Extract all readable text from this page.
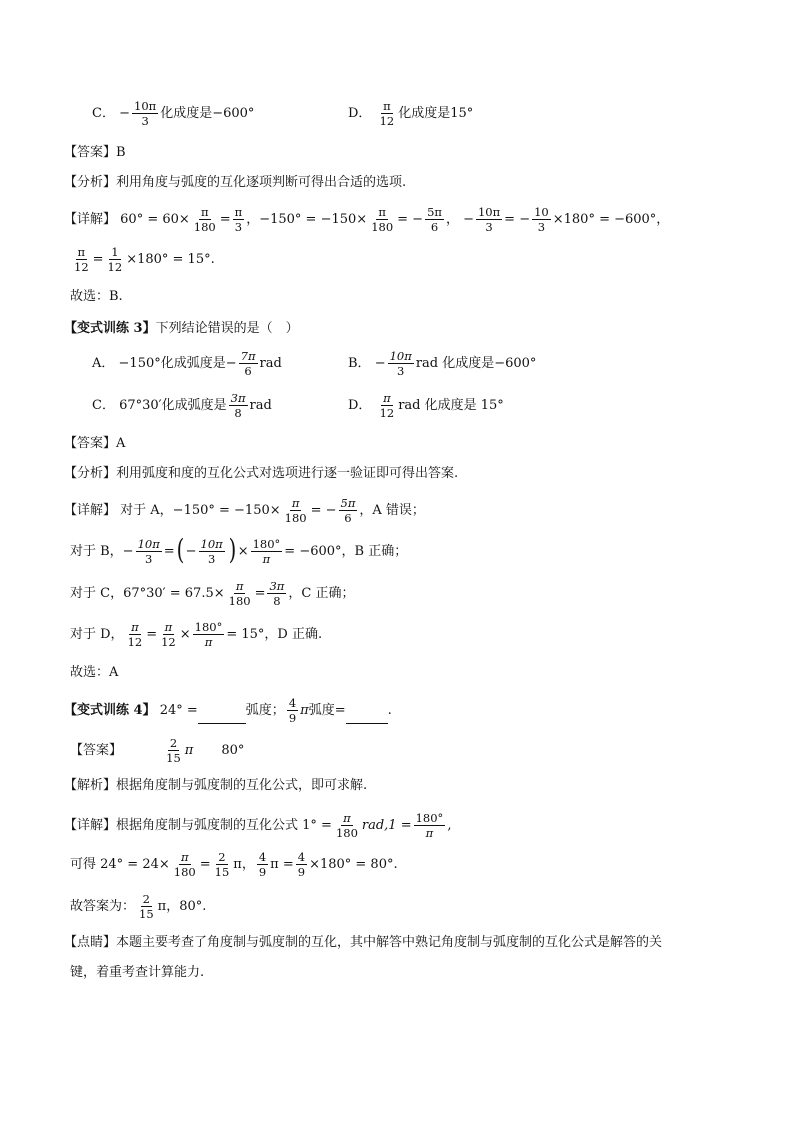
C． − $\frac{10\pi}{3}$ 化成度是−600°	D． $\frac{\pi}{12}$ 化成度是15°
【答案】B
【分析】利用角度与弧度的互化逐项判断可得出合适的选项.
【详解】 $60^\circ = 60\times \frac{\pi}{180} = \frac{\pi}{3}$ ，$-150^\circ = -150\times \frac{\pi}{180}$ = − $\frac{5\pi}{6}$ ， − $\frac{10\pi}{3}$ = − $\frac{10}{3} \times 180^\circ = -600^\circ$，
$\frac{\pi}{12} = \frac{1}{12} \times 180^\circ = 15^\circ$.
故选：B.
【变式训练 3】下列结论错误的是（　）
A． −150°化成弧度是− $\frac{7\pi}{6}$ rad	B． − $\frac{10\pi}{3}$ rad 化成度是−600°
C． 67°30′化成弧度是 $\frac{3\pi}{8}$ rad	D． $\frac{\pi}{12}$ rad 化成度是 15°
【答案】A
【分析】利用弧度和度的互化公式对选项进行逐一验证即可得出答案.
【详解】 对于 A，$-150^\circ = -150\times \frac{\pi}{180}$ = − $\frac{5\pi}{6}$ ，A 错误；
对于 B，− $\frac{10\pi}{3}$ =( − $\frac{10\pi}{3}$ ) × $\frac{180^\circ}{\pi} = -600^\circ$，B 正确；
对于 C，$67^\circ 30' = 67.5\times \frac{\pi}{180} = \frac{3\pi}{8}$ ，C 正确；
对于 D， $\frac{\pi}{12} = \frac{\pi}{12} \times \frac{180^\circ}{\pi} = 15^\circ$，D 正确.
故选：A
【变式训练 4】 24° =	弧度； $\frac{4}{9}$ π弧度=	.
【答案】	$\frac{2}{15}$ π 80°
【解析】根据角度制与弧度制的互化公式，即可求解.
【详解】根据角度制与弧度制的互化公式 $1^\circ = \frac{\pi}{180} rad,1 = \frac{180^\circ}{\pi}$ ,
可得 $24^\circ = 24\times \frac{\pi}{180} = \frac{2}{15}$ π， $\frac{4}{9}$ $\pi = \frac{4}{9} \times 180^\circ = 80^\circ$.
故答案为： $\frac{2}{15}$ π，80°.
【点睛】本题主要考查了角度制与弧度制的互化，其中解答中熟记角度制与弧度制的互化公式是解答的关
键，着重考查计算能力.
